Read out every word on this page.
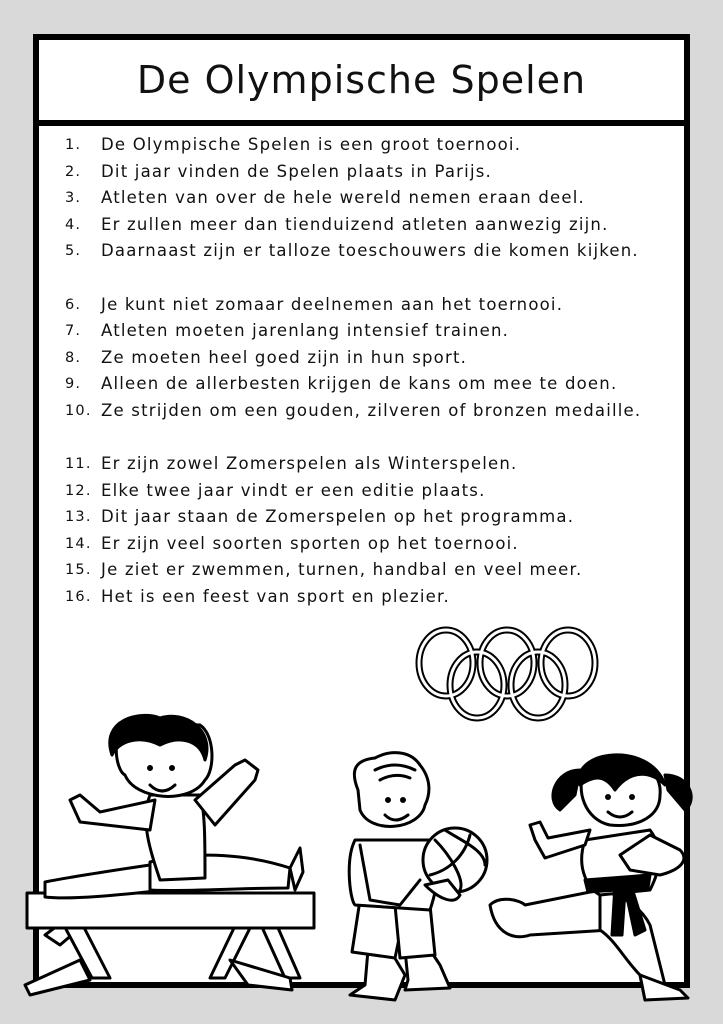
De Olympische Spelen
1.	De Olympische Spelen is een groot toernooi.
2.	Dit jaar vinden de Spelen plaats in Parijs.
3.	Atleten van over de hele wereld nemen eraan deel.
4.	Er zullen meer dan tienduizend atleten aanwezig zijn.
5.	Daarnaast zijn er talloze toeschouwers die komen kijken.
6.	Je kunt niet zomaar deelnemen aan het toernooi.
7.	Atleten moeten jarenlang intensief trainen.
8.	Ze moeten heel goed zijn in hun sport.
9.	Alleen de allerbesten krijgen de kans om mee te doen.
10. Ze strijden om een gouden, zilveren of bronzen medaille.
11. Er zijn zowel Zomerspelen als Winterspelen.
12. Elke twee jaar vindt er een editie plaats.
13. Dit jaar staan de Zomerspelen op het programma.
14. Er zijn veel soorten sporten op het toernooi.
15. Je ziet er zwemmen, turnen, handbal en veel meer.
16. Het is een feest van sport en plezier.
